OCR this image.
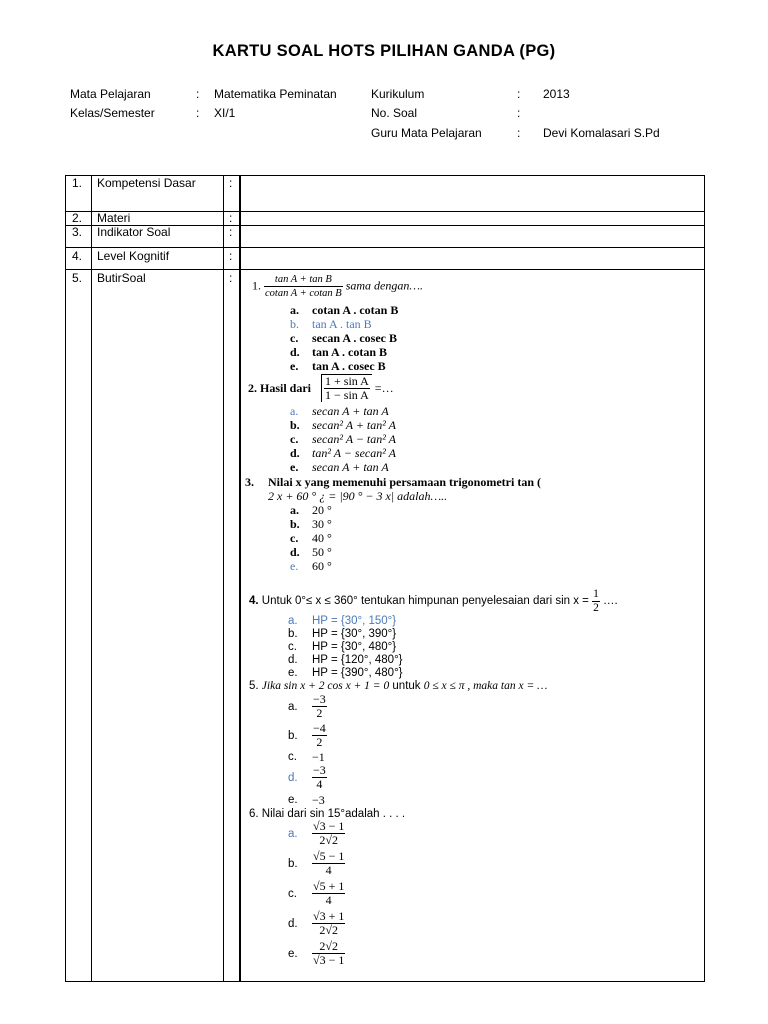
KARTU SOAL HOTS PILIHAN GANDA (PG)
Mata Pelajaran	: Matematika Peminatan
Kelas/Semester	: XI/1
Kurikulum	: 2013
No. Soal	:
Guru Mata Pelajaran	: Devi Komalasari S.Pd
1. Kompetensi Dasar	:
2. Materi	:
3. Indikator Soal	:
4. Level Kognitif	:
5. ButirSoal	:
1. $\frac{\text{tan A + tan B}}{\text{cotan A + cotan B}}$ sama dengan….
a. cotan A . cotan B
b. tan A . tan B
c. secan A . cosec B
d. tan A . cotan B
e. tan A . cosec B
2. Hasil dari $\frac{\text{1 + sin A}}{\text{1 − sin A}}$ =…
a. secan A + tan A
b. secan² A + tan² A
c. secan² A − tan² A
d. tan² A − secan² A
e. secan A + tan A
3. Nilai x yang memenuhi persamaan trigonometri tan (
2 x + 60 ° ¿ = |90 ° − 3 x| adalah…..
a. 20 °
b. 30 °
c. 40 °
d. 50 °
e. 60 °
4. Untuk 0°≤ x ≤ 360° tentukan himpunan penyelesaian dari $\sin x = \frac{1}{2}$ ….
a. HP = {30°, 150°}
b. HP = {30°, 390°}
c. HP = {30°, 480°}
d. HP = {120°, 480°}
e. HP = {390°, 480°}
5. Jika sin x + 2 cos x + 1 = 0 untuk 0 ≤ x ≤ π , maka tan x = …
a. $\frac{-3}{2}$
b. $\frac{-4}{2}$
c. −1
d. $\frac{-3}{4}$
e. −3
6. Nilai dari sin 15°adalah . . . .
a. $\frac{√3 - 1}{2√2}$
b. $\frac{√5 - 1}{4}$
c. $\frac{√5 + 1}{4}$
d. $\frac{√3 + 1}{2√2}$
e. $\frac{2√2}{√3 - 1}$
